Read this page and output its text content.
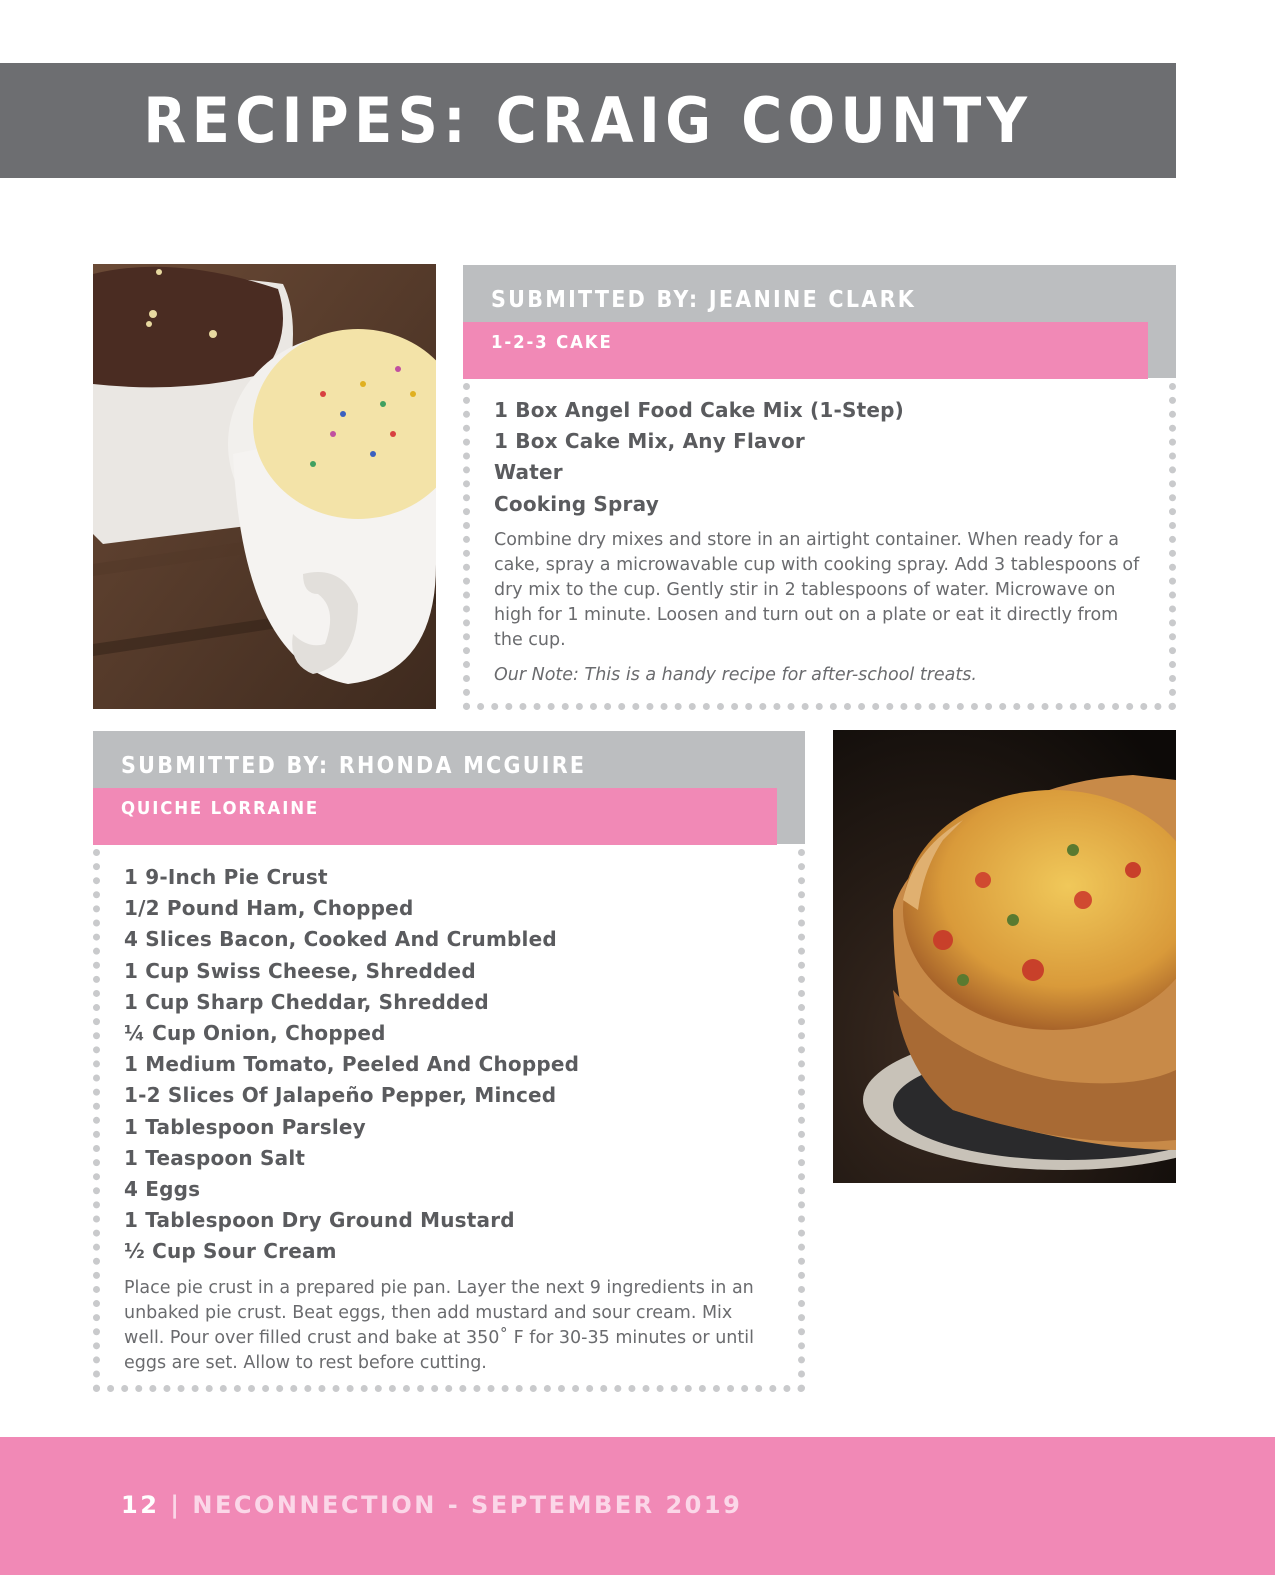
RECIPES: CRAIG COUNTY
SUBMITTED BY: JEANINE CLARK
1-2-3 CAKE
1 Box Angel Food Cake Mix (1-Step)
1 Box Cake Mix, Any Flavor
Water
Cooking Spray

Combine dry mixes and store in an airtight container. When ready for a cake, spray a microwavable cup with cooking spray. Add 3 tablespoons of dry mix to the cup. Gently stir in 2 tablespoons of water. Microwave on high for 1 minute. Loosen and turn out on a plate or eat it directly from the cup.

Our Note: This is a handy recipe for after-school treats.

SUBMITTED BY: RHONDA MCGUIRE
QUICHE LORRAINE
1 9-Inch Pie Crust
1/2 Pound Ham, Chopped
4 Slices Bacon, Cooked And Crumbled
1 Cup Swiss Cheese, Shredded
1 Cup Sharp Cheddar, Shredded
¼ Cup Onion, Chopped
1 Medium Tomato, Peeled And Chopped
1-2 Slices Of Jalapeño Pepper, Minced
1 Tablespoon Parsley
1 Teaspoon Salt
4 Eggs
1 Tablespoon Dry Ground Mustard
½ Cup Sour Cream

Place pie crust in a prepared pie pan. Layer the next 9 ingredients in an unbaked pie crust. Beat eggs, then add mustard and sour cream. Mix well. Pour over filled crust and bake at 350˚ F for 30-35 minutes or until eggs are set. Allow to rest before cutting.

12 | NECONNECTION - SEPTEMBER 2019
